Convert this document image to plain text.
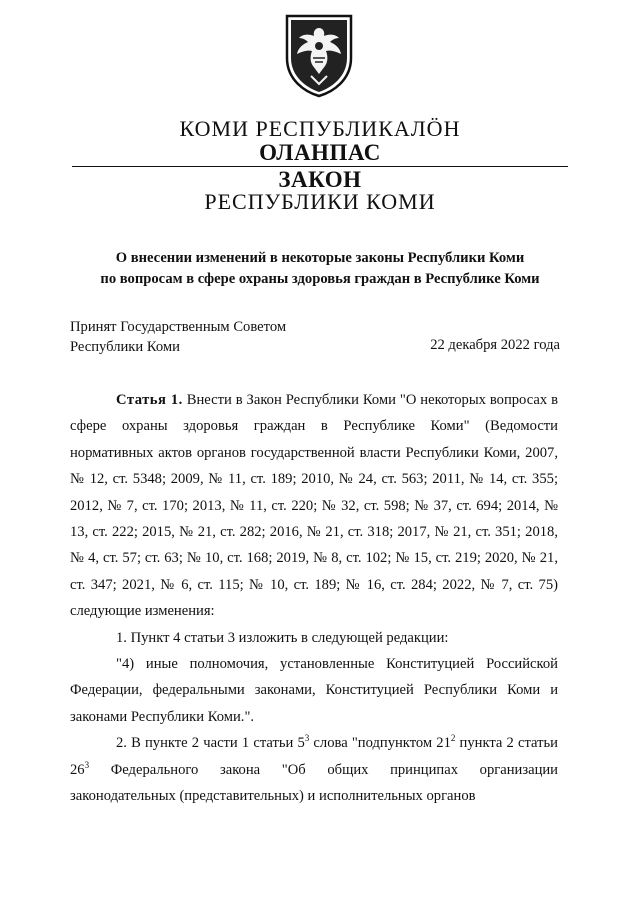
КОМИ РЕСПУБЛИКАЛӦН
ОЛАНПАС
ЗАКОН
РЕСПУБЛИКИ КОМИ
О внесении изменений в некоторые законы Республики Коми
по вопросам в сфере охраны здоровья граждан в Республике Коми
Принят Государственным Советом
Республики Коми	22 декабря 2022 года

Статья 1. Внести в Закон Республики Коми "О некоторых вопросах в сфере охраны здоровья граждан в Республике Коми" (Ведомости нормативных актов органов государственной власти Республики Коми, 2007, № 12, ст. 5348; 2009, № 11, ст. 189; 2010, № 24, ст. 563; 2011, № 14, ст. 355; 2012, № 7, ст. 170; 2013, № 11, ст. 220; № 32, ст. 598; № 37, ст. 694; 2014, № 13, ст. 222; 2015, № 21, ст. 282; 2016, № 21, ст. 318; 2017, № 21, ст. 351; 2018, № 4, ст. 57; ст. 63; № 10, ст. 168; 2019, № 8, ст. 102; № 15, ст. 219; 2020, № 21, ст. 347; 2021, № 6, ст. 115; № 10, ст. 189; № 16, ст. 284; 2022, № 7, ст. 75) следующие изменения:

1. Пункт 4 статьи 3 изложить в следующей редакции:

"4) иные полномочия, установленные Конституцией Российской Федерации, федеральными законами, Конституцией Республики Коми и законами Республики Коми.".

2. В пункте 2 части 1 статьи $5^3$ слова "подпунктом $21^2$ пункта 2 статьи $26^3$ Федерального закона "Об общих принципах организации законодательных (представительных) и исполнительных органов
